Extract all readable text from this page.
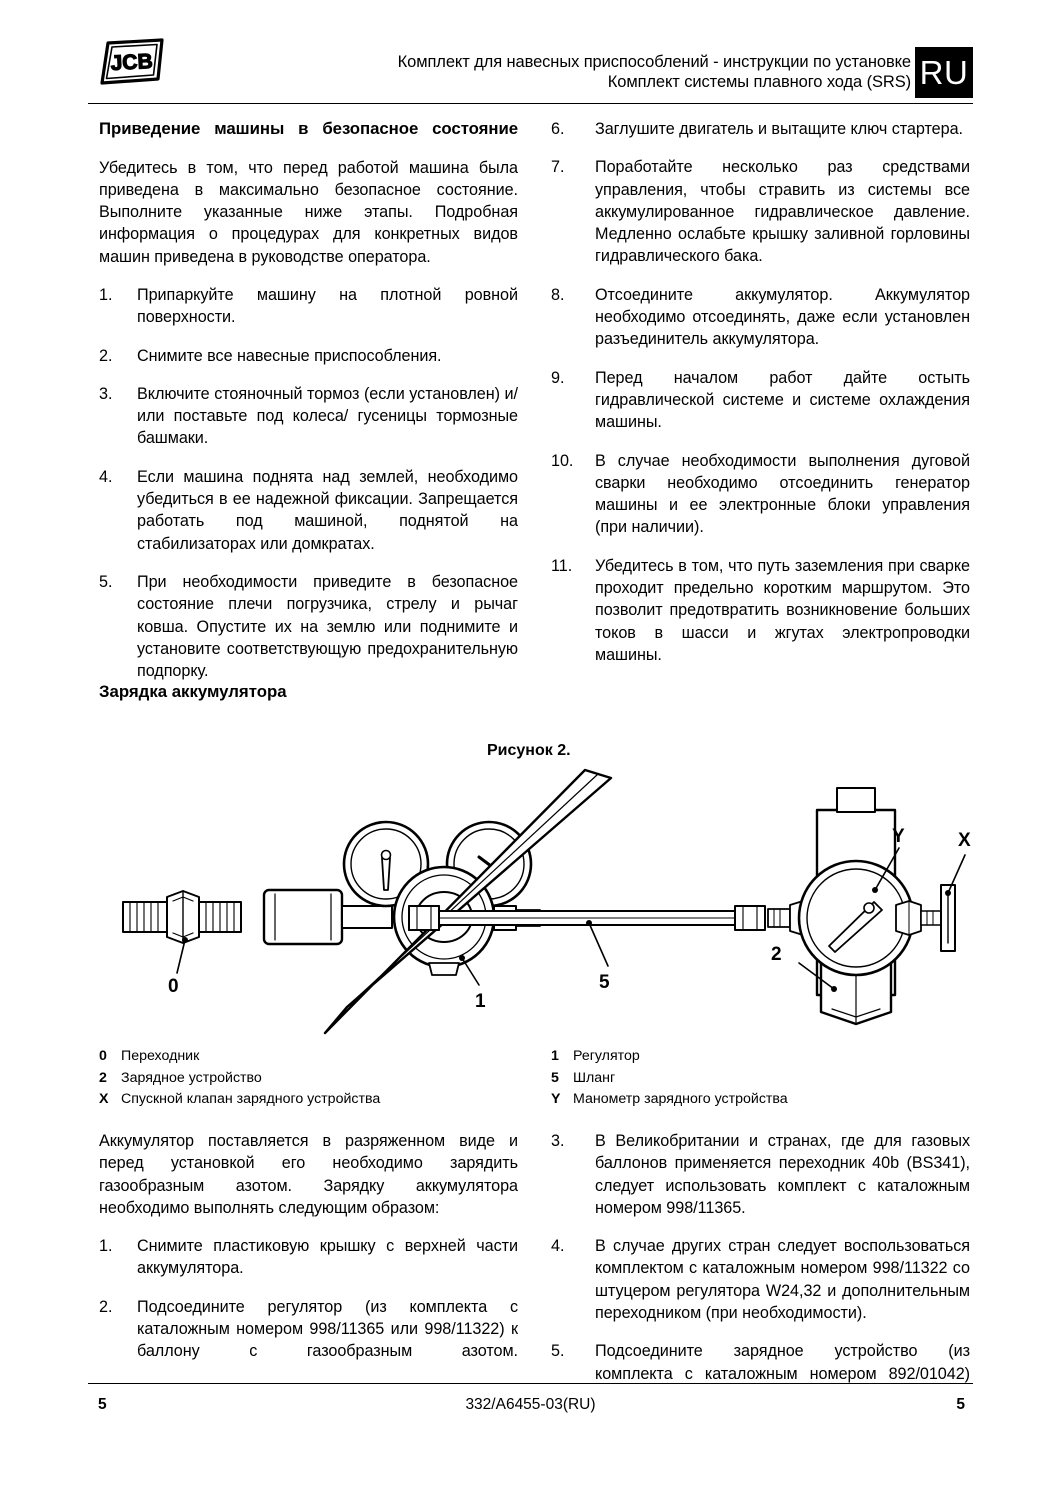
JCB	Комплект для навесных приспособлений - инструкции по установке
Комплект системы плавного хода (SRS) RU
Приведение машины в безопасное состояние

Убедитесь в том, что перед работой машина была приведена в максимально безопасное состояние. Выполните указанные ниже этапы. Подробная информация о процедурах для конкретных видов машин приведена в руководстве оператора.

1.	Припаркуйте машину на плотной ровной поверхности.
2.	Снимите все навесные приспособления.
3.	Включите стояночный тормоз (если установлен) и/или поставьте под колеса/ гусеницы тормозные башмаки.
4.	Если машина поднята над землей, необходимо убедиться в ее надежной фиксации. Запрещается работать под машиной, поднятой на стабилизаторах или домкратах.
5.	При необходимости приведите в безопасное состояние плечи погрузчика, стрелу и рычаг ковша. Опустите их на землю или поднимите и установите соответствующую предохранительную подпорку.
6.	Заглушите двигатель и вытащите ключ стартера.
7.	Поработайте несколько раз средствами управления, чтобы стравить из системы все аккумулированное гидравлическое давление. Медленно ослабьте крышку заливной горловины гидравлического бака.
8.	Отсоедините аккумулятор. Аккумулятор необходимо отсоединять, даже если установлен разъединитель аккумулятора.
9.	Перед началом работ дайте остыть гидравлической системе и системе охлаждения машины.
10.	В случае необходимости выполнения дуговой сварки необходимо отсоединить генератор машины и ее электронные блоки управления (при наличии).
11.	Убедитесь в том, что путь заземления при сварке проходит предельно коротким маршрутом. Это позволит предотвратить возникновение больших токов в шасси и жгутах электропроводки машины.
Зарядка аккумулятора
Рисунок 2.
0
1
5
2
Y	X
0 Переходник
2 Зарядное устройство
X Спускной клапан зарядного устройства
1 Регулятор
5 Шланг
Y Манометр зарядного устройства

Аккумулятор поставляется в разряженном виде и перед установкой его необходимо зарядить газообразным азотом. Зарядку аккумулятора необходимо выполнять следующим образом:

1.	Снимите пластиковую крышку с верхней части аккумулятора.
2.	Подсоедините регулятор (из комплекта с каталожным номером 998/11365 или 998/11322) к баллону с газообразным азотом.
3.	В Великобритании и странах, где для газовых баллонов применяется переходник 40b (BS341), следует использовать комплект с каталожным номером 998/11365.
4.	В случае других стран следует воспользоваться комплектом с каталожным номером 998/11322 со штуцером регулятора W24,32 и дополнительным переходником (при необходимости).
5.	Подсоедините зарядное устройство (из комплекта с каталожным номером 892/01042)
5	332/A6455-03(RU)	5
